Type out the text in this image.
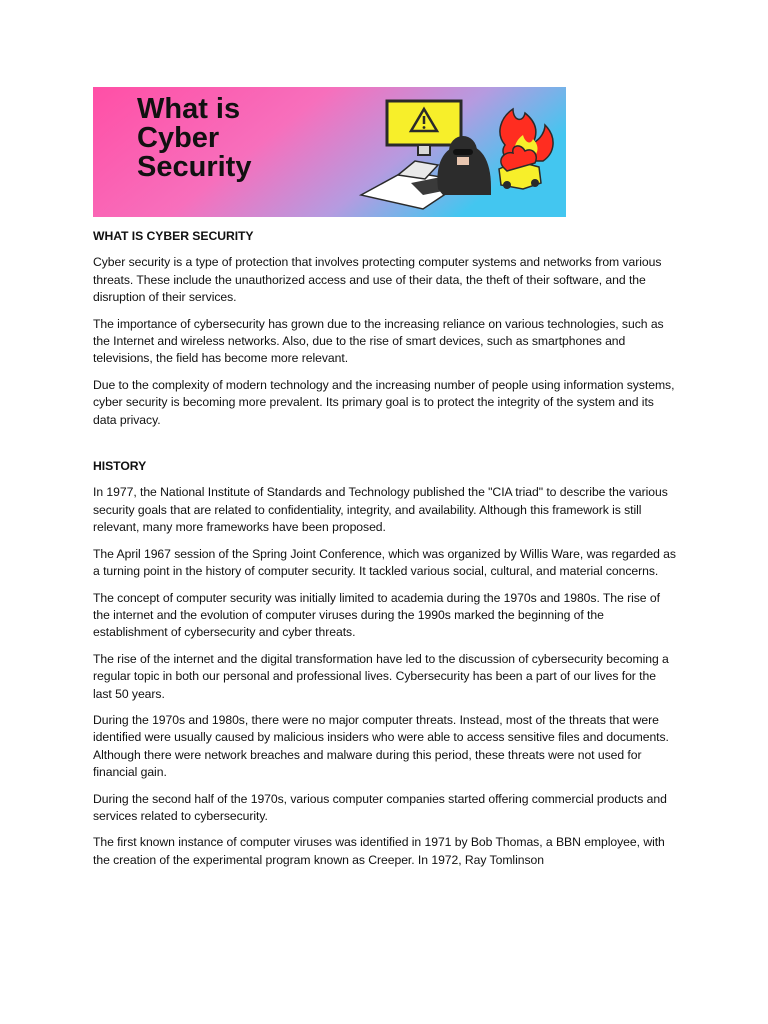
What is
Cyber
Security
WHAT IS CYBER SECURITY

Cyber security is a type of protection that involves protecting computer systems and networks from various threats. These include the unauthorized access and use of their data, the theft of their software, and the disruption of their services.

The importance of cybersecurity has grown due to the increasing reliance on various technologies, such as the Internet and wireless networks. Also, due to the rise of smart devices, such as smartphones and televisions, the field has become more relevant.

Due to the complexity of modern technology and the increasing number of people using information systems, cyber security is becoming more prevalent. Its primary goal is to protect the integrity of the system and its data privacy.

HISTORY

In 1977, the National Institute of Standards and Technology published the "CIA triad" to describe the various security goals that are related to confidentiality, integrity, and availability. Although this framework is still relevant, many more frameworks have been proposed.

The April 1967 session of the Spring Joint Conference, which was organized by Willis Ware, was regarded as a turning point in the history of computer security. It tackled various social, cultural, and material concerns.

The concept of computer security was initially limited to academia during the 1970s and 1980s. The rise of the internet and the evolution of computer viruses during the 1990s marked the beginning of the establishment of cybersecurity and cyber threats.

The rise of the internet and the digital transformation have led to the discussion of cybersecurity becoming a regular topic in both our personal and professional lives. Cybersecurity has been a part of our lives for the last 50 years.

During the 1970s and 1980s, there were no major computer threats. Instead, most of the threats that were identified were usually caused by malicious insiders who were able to access sensitive files and documents. Although there were network breaches and malware during this period, these threats were not used for financial gain.

During the second half of the 1970s, various computer companies started offering commercial products and services related to cybersecurity.

The first known instance of computer viruses was identified in 1971 by Bob Thomas, a BBN employee, with the creation of the experimental program known as Creeper. In 1972, Ray Tomlinson
